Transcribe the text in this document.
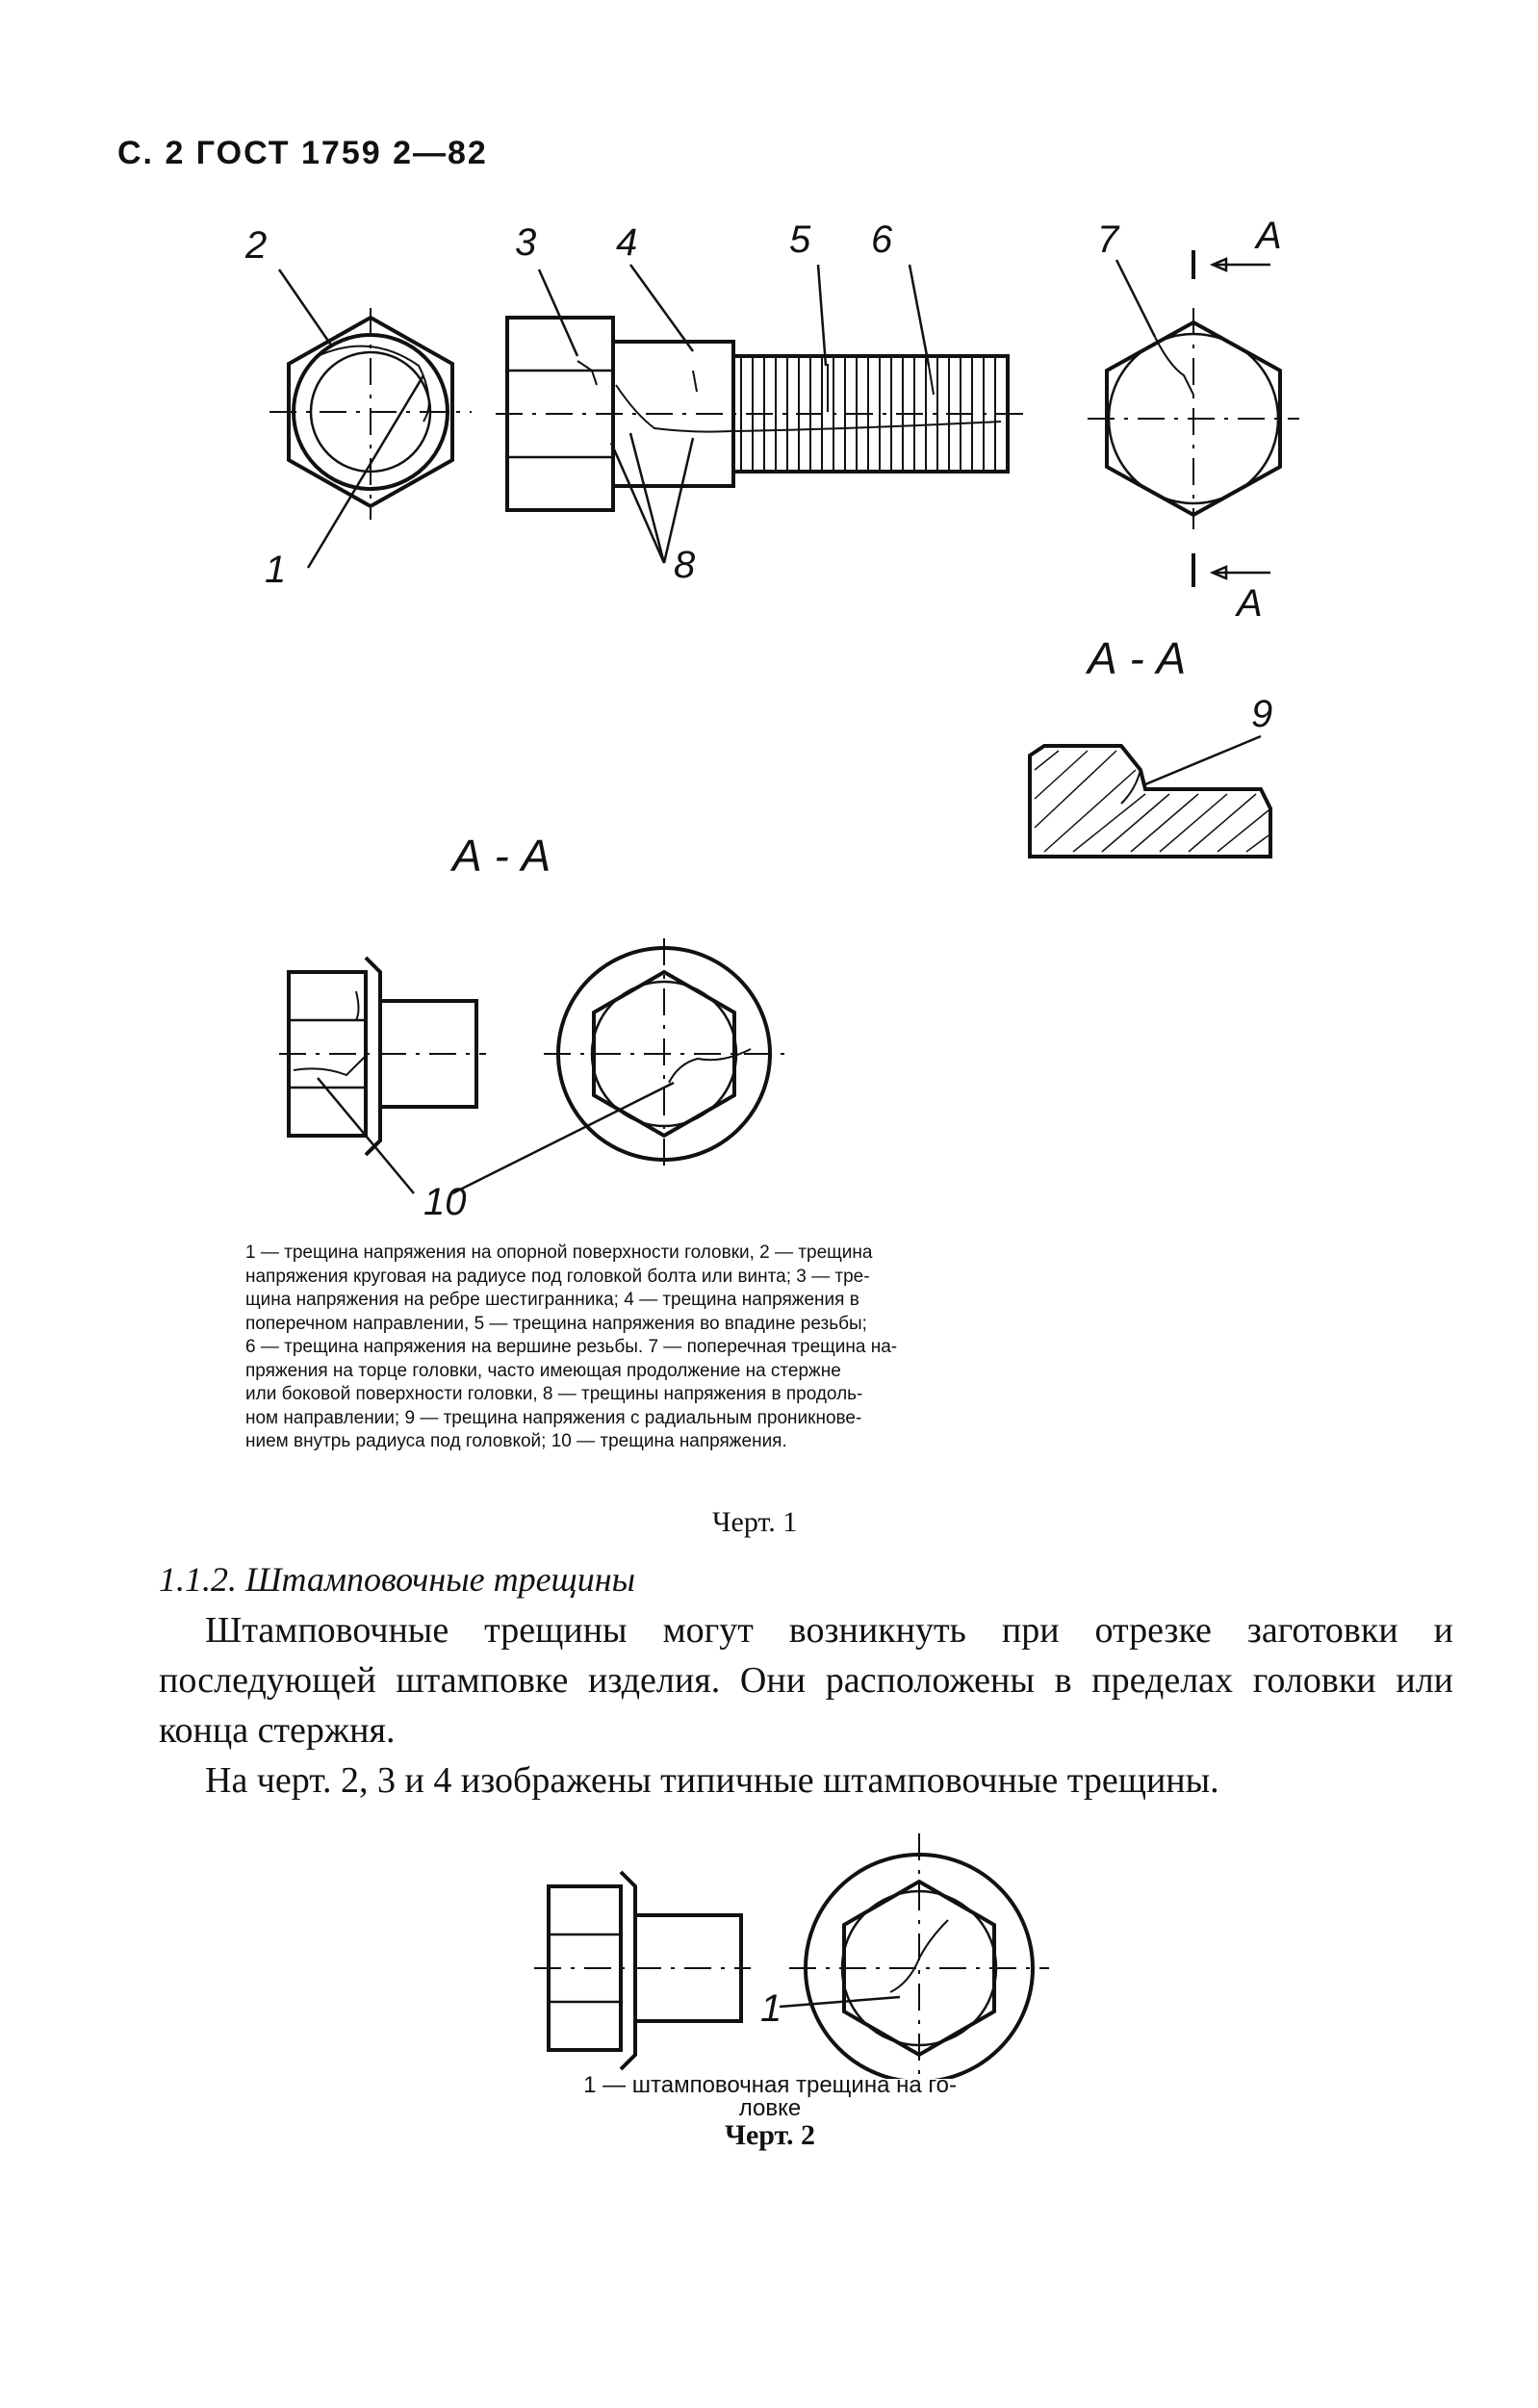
С. 2 ГОСТ 1759 2—82
2
1
3 4	5 6	7
8
9
10
А
А
А - А
А - А
1 — трещина напряжения на опорной поверхности головки, 2 — трещина
напряжения круговая на радиусе под головкой болта или винта; 3 — тре-
щина напряжения на ребре шестигранника; 4 — трещина напряжения в
поперечном направлении, 5 — трещина напряжения во впадине резьбы;
6 — трещина напряжения на вершине резьбы. 7 — поперечная трещина на-
пряжения на торце головки, часто имеющая продолжение на стержне
или боковой поверхности головки, 8 — трещины напряжения в продоль-
ном направлении; 9 — трещина напряжения с радиальным проникнове-
нием внутрь радиуса под головкой; 10 — трещина напряжения.
Черт. 1
1.1.2. Штамповочные трещины

Штамповочные трещины могут возникнуть при отрезке заготовки и последующей штамповке изделия. Они расположены в пределах головки или конца стержня.

На черт. 2, 3 и 4 изображены типичные штамповочные трещины.

1
1 — штамповочная трещина на го-
ловке
Черт. 2
